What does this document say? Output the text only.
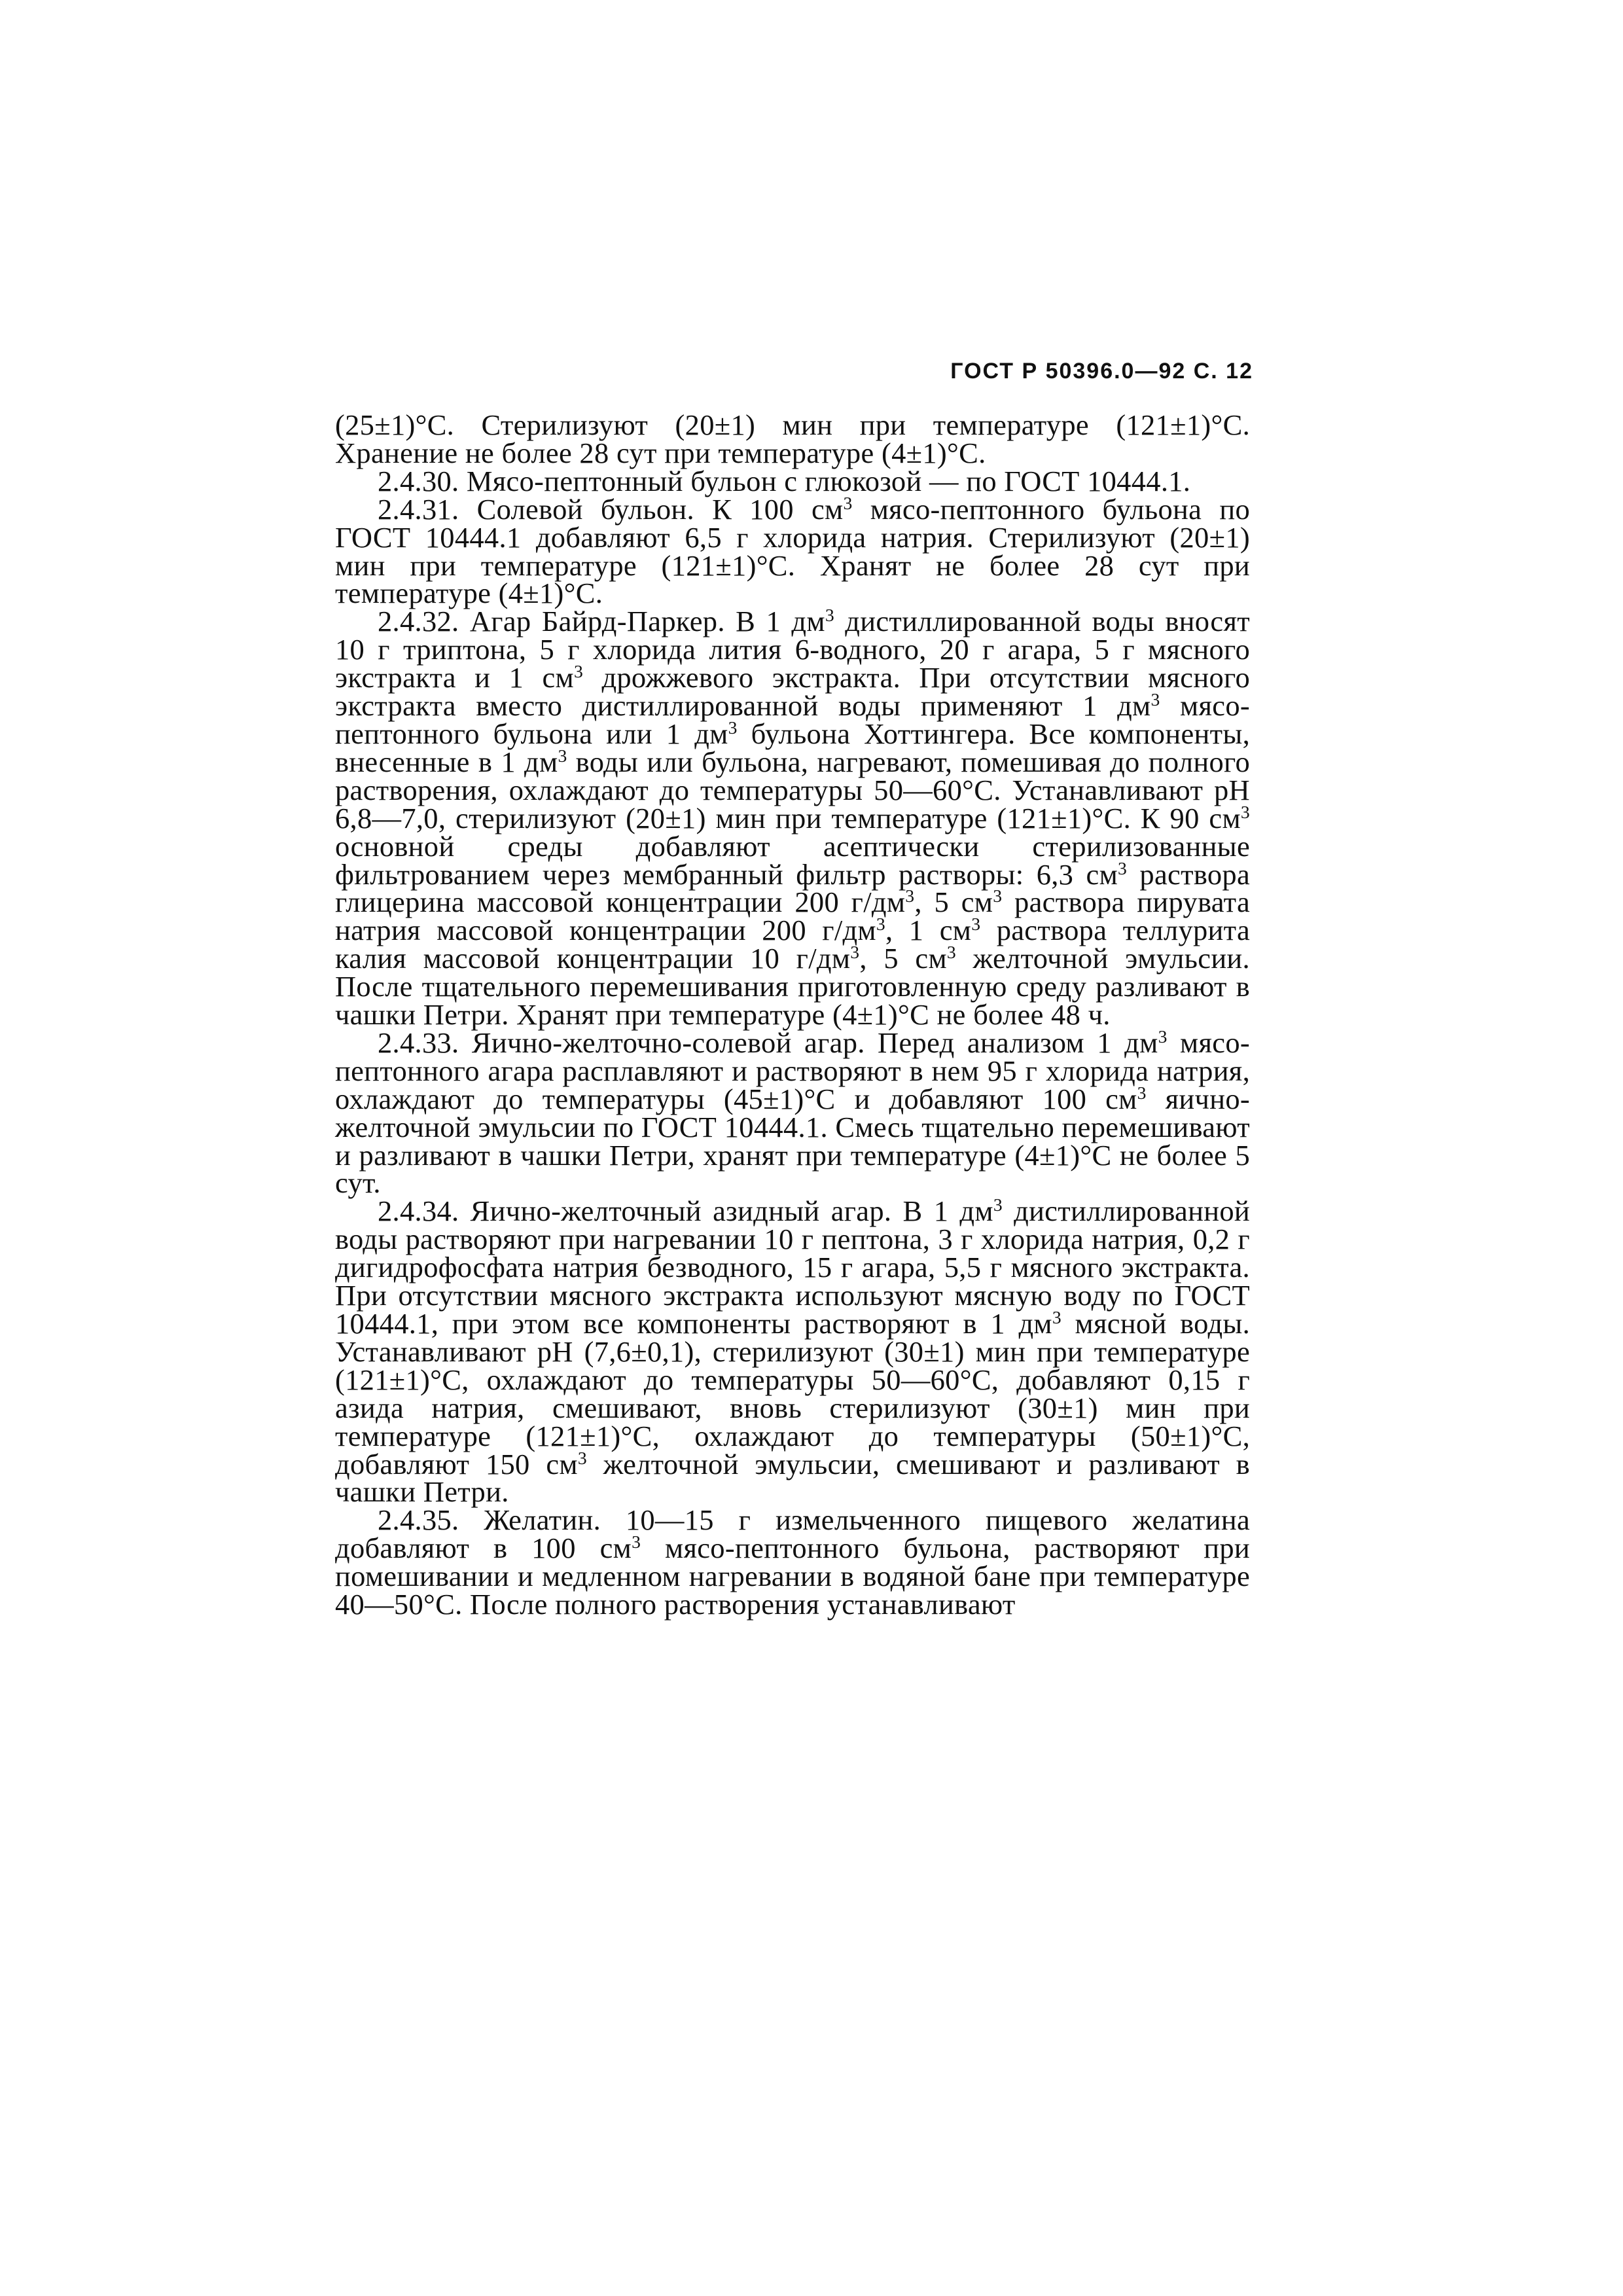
ГОСТ Р 50396.0—92 С. 12

(25±1)°С. Стерилизуют (20±1) мин при температуре (121±1)°С. Хранение не более 28 сут при температуре (4±1)°С.

2.4.30. Мясо-пептонный бульон с глюкозой — по ГОСТ 10444.1.

2.4.31. Солевой бульон. К 100 $см^3$ мясо-пептонного бульона по ГОСТ 10444.1 добавляют 6,5 г хлорида натрия. Стерилизуют (20±1) мин при температуре (121±1)°С. Хранят не более 28 сут при температуре (4±1)°С.

2.4.32. Агар Байрд-Паркер. В 1 $дм^3$ дистиллированной воды вносят 10 г триптона, 5 г хлорида лития 6-водного, 20 г агара, 5 г мясного экстракта и 1 $см^3$ дрожжевого экстракта. При отсутствии мясного экстракта вместо дистиллированной воды применяют 1 $дм^3$ мясо-пептонного бульона или 1 $дм^3$ бульона Хоттингера. Все компоненты, внесенные в 1 $дм^3$ воды или бульона, нагревают, помешивая до полного растворения, охлаждают до температуры 50—60°С. Устанавливают рН 6,8—7,0, стерилизуют (20±1) мин при температуре (121±1)°С. К 90 $см^3$ основной среды добавляют асептически стерилизованные фильтрованием через мембранный фильтр растворы: 6,3 $см^3$ раствора глицерина массовой концентрации 200 $г/дм^3$, 5 $см^3$ раствора пирувата натрия массовой концентрации 200 $г/дм^3$, 1 $см^3$ раствора теллурита калия массовой концентрации 10 $г/дм^3$, 5 $см^3$ желточной эмульсии. После тщательного перемешивания приготовленную среду разливают в чашки Петри. Хранят при температуре (4±1)°С не более 48 ч.

2.4.33. Яично-желточно-солевой агар. Перед анализом 1 $дм^3$ мясо-пептонного агара расплавляют и растворяют в нем 95 г хлорида натрия, охлаждают до температуры (45±1)°С и добавляют 100 $см^3$ яично-желточной эмульсии по ГОСТ 10444.1. Смесь тщательно перемешивают и разливают в чашки Петри, хранят при температуре (4±1)°С не более 5 сут.

2.4.34. Яично-желточный азидный агар. В 1 $дм^3$ дистиллированной воды растворяют при нагревании 10 г пептона, 3 г хлорида натрия, 0,2 г дигидрофосфата натрия безводного, 15 г агара, 5,5 г мясного экстракта. При отсутствии мясного экстракта используют мясную воду по ГОСТ 10444.1, при этом все компоненты растворяют в 1 $дм^3$ мясной воды. Устанавливают рН (7,6±0,1), стерилизуют (30±1) мин при температуре (121±1)°С, охлаждают до температуры 50—60°С, добавляют 0,15 г азида натрия, смешивают, вновь стерилизуют (30±1) мин при температуре (121±1)°С, охлаждают до температуры (50±1)°С, добавляют 150 $см^3$ желточной эмульсии, смешивают и разливают в чашки Петри.

2.4.35. Желатин. 10—15 г измельченного пищевого желатина добавляют в 100 $см^3$ мясо-пептонного бульона, растворяют при помешивании и медленном нагревании в водяной бане при температуре 40—50°С. После полного растворения устанавливают
